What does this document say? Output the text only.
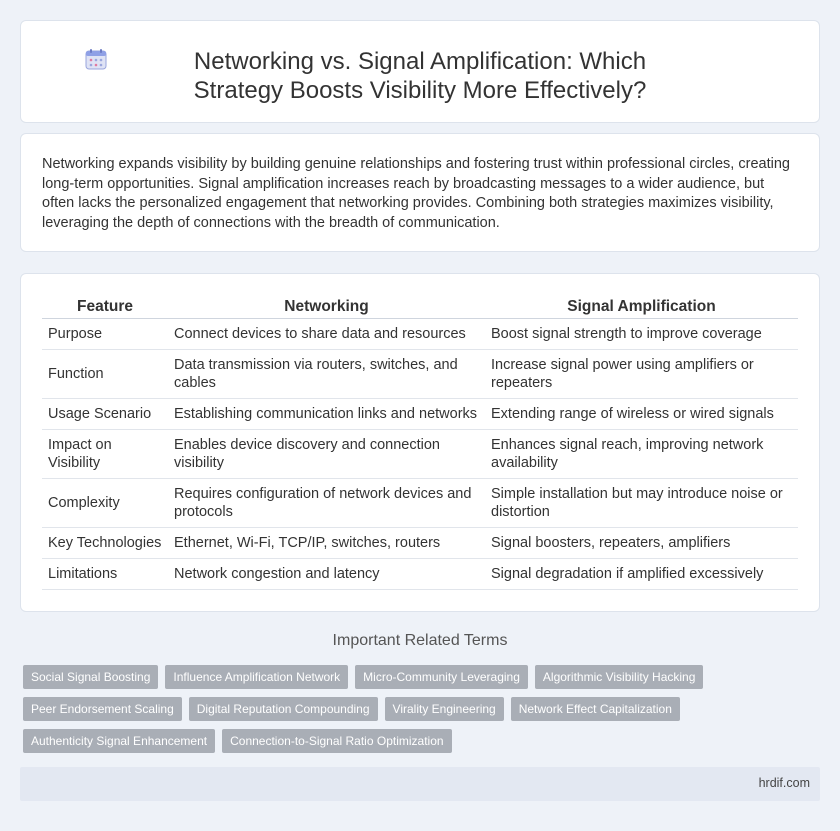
Networking vs. Signal Amplification: Which Strategy Boosts Visibility More Effectively?

Networking expands visibility by building genuine relationships and fostering trust within professional circles, creating long-term opportunities. Signal amplification increases reach by broadcasting messages to a wider audience, but often lacks the personalized engagement that networking provides. Combining both strategies maximizes visibility, leveraging the depth of connections with the breadth of communication.

Feature	Networking	Signal Amplification
Purpose	Connect devices to share data and resources	Boost signal strength to improve coverage
Function	Data transmission via routers, switches, and cables	Increase signal power using amplifiers or repeaters
Usage Scenario	Establishing communication links and networks	Extending range of wireless or wired signals
Impact on Visibility	Enables device discovery and connection visibility	Enhances signal reach, improving network availability
Complexity	Requires configuration of network devices and protocols	Simple installation but may introduce noise or distortion
Key Technologies	Ethernet, Wi-Fi, TCP/IP, switches, routers	Signal boosters, repeaters, amplifiers
Limitations	Network congestion and latency	Signal degradation if amplified excessively
Important Related Terms
Social Signal Boosting	Influence Amplification Network	Micro-Community Leveraging	Algorithmic Visibility Hacking
Peer Endorsement Scaling	Digital Reputation Compounding	Virality Engineering	Network Effect Capitalization
Authenticity Signal Enhancement	Connection-to-Signal Ratio Optimization
hrdif.com
